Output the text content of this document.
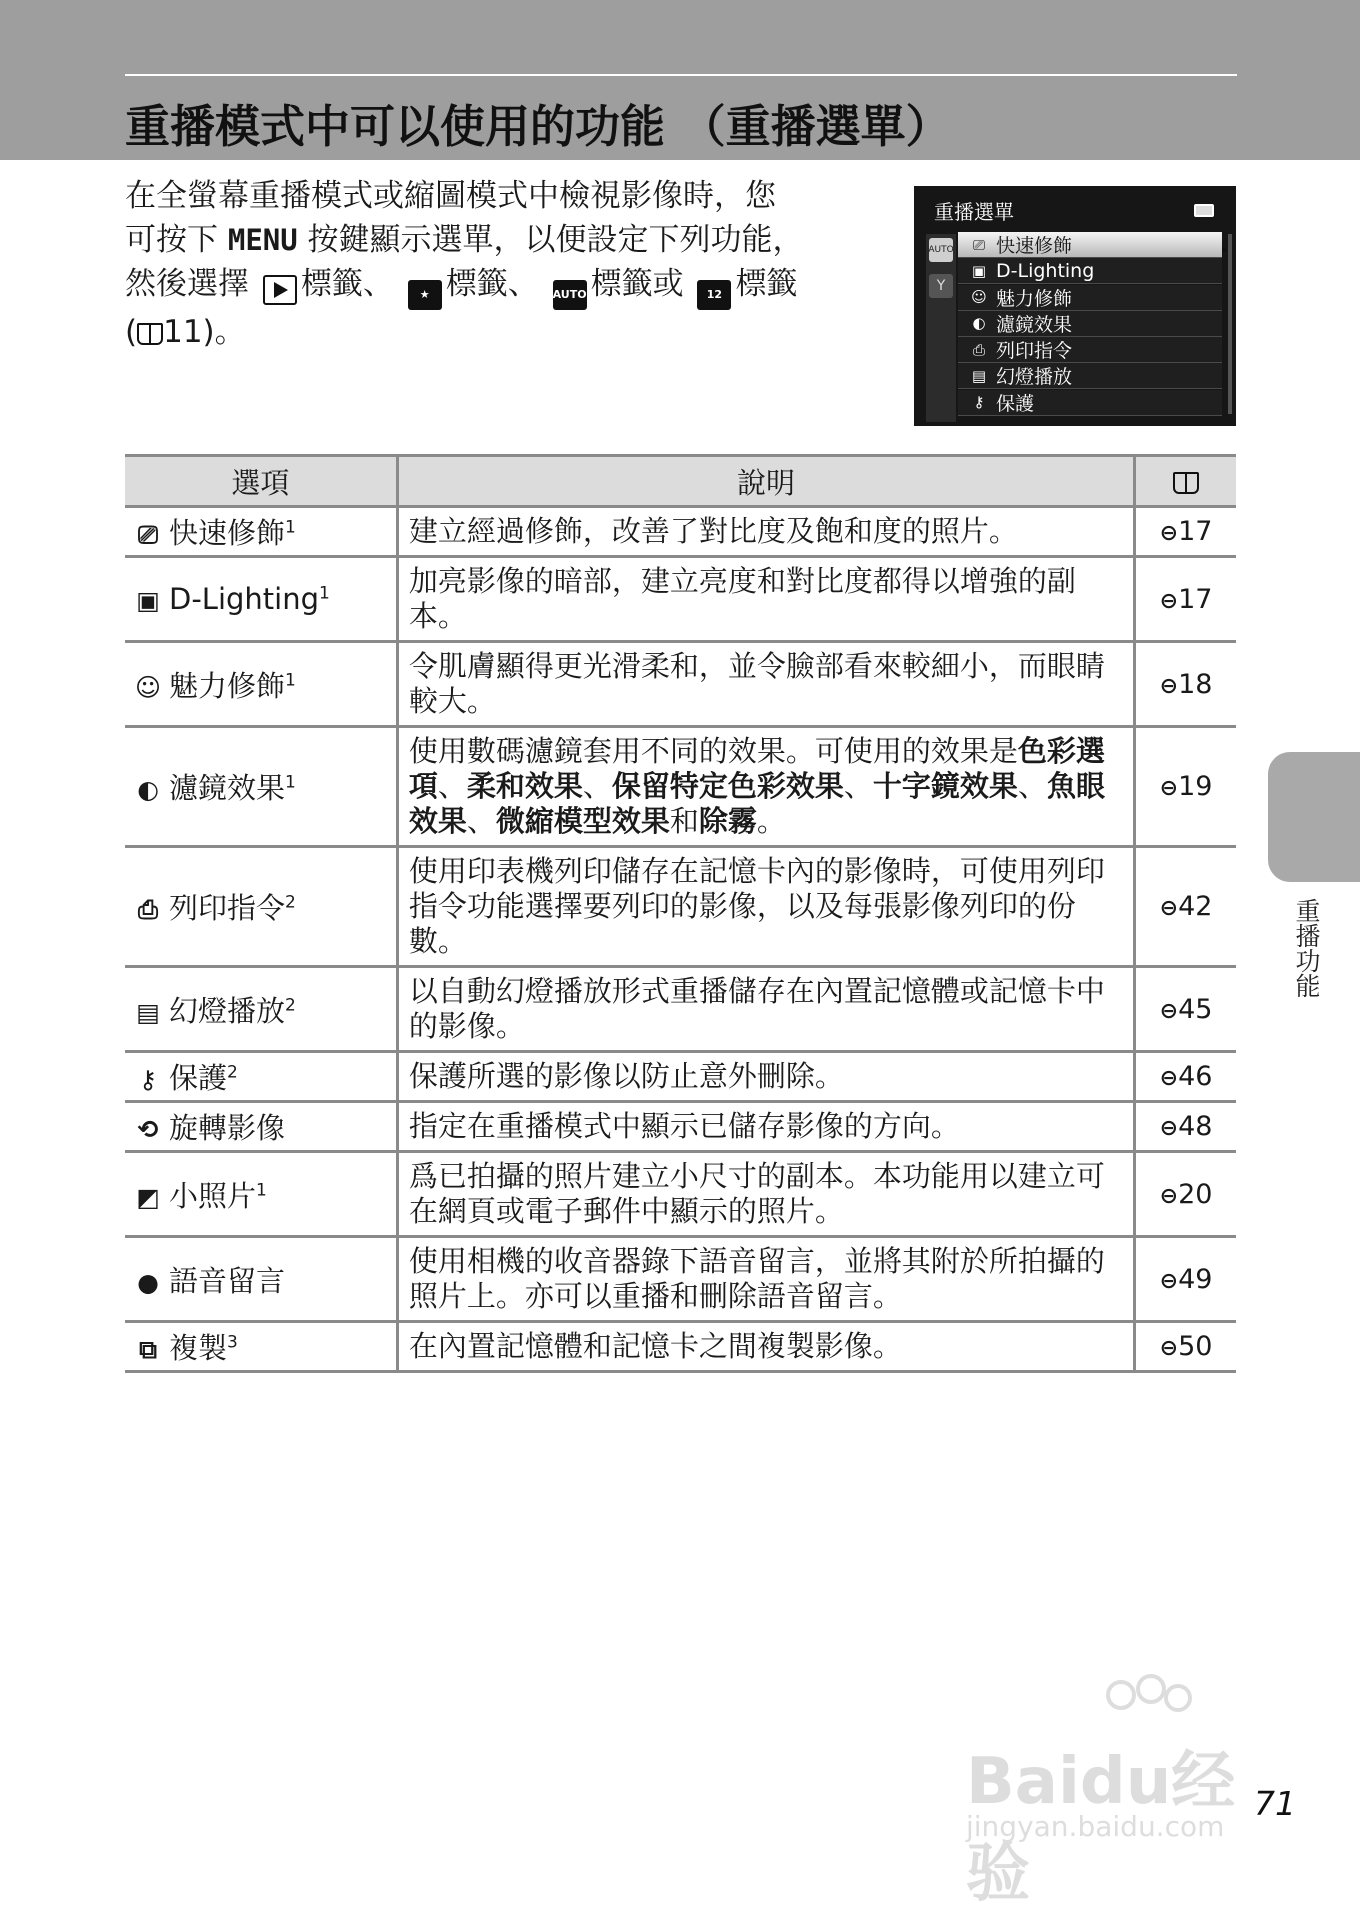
重播模式中可以使用的功能 （重播選單）
在全螢幕重播模式或縮圖模式中檢視影像時，您
可按下 MENU 按鍵顯示選單，以便設定下列功能，
然後選擇 標籤、 ★ 標籤、 AUTO 標籤或 12 標籤
( 11)。
重播選單
AUTO
Y
⎚ 快速修飾
▣ D-Lighting
☺ 魅力修飾
◐ 濾鏡效果
⎙ 列印指令
▤ 幻燈播放
⚷ 保護
▸
選項	說明	
⎚ 快速修飾$^1$	建立經過修飾，改善了對比度及飽和度的照片。	⊖17
▣ D-Lighting$^1$	加亮影像的暗部，建立亮度和對比度都得以增強的副本。	⊖17
☺ 魅力修飾$^1$	令肌膚顯得更光滑柔和，並令臉部看來較細小，而眼睛較大。	⊖18
◐ 濾鏡效果$^1$	使用數碼濾鏡套用不同的效果。可使用的效果是色彩選項、柔和效果、保留特定色彩效果、十字鏡效果、魚眼效果、微縮模型效果和除霧。	⊖19
⎙ 列印指令$^2$	使用印表機列印儲存在記憶卡內的影像時，可使用列印指令功能選擇要列印的影像，以及每張影像列印的份數。	⊖42
▤ 幻燈播放$^2$	以自動幻燈播放形式重播儲存在內置記憶體或記憶卡中的影像。	⊖45
⚷ 保護$^2$	保護所選的影像以防止意外刪除。	⊖46
⟲ 旋轉影像	指定在重播模式中顯示已儲存影像的方向。	⊖48
◩ 小照片$^1$	爲已拍攝的照片建立小尺寸的副本。本功能用以建立可在網頁或電子郵件中顯示的照片。	⊖20
● 語音留言	使用相機的收音器錄下語音留言，並將其附於所拍攝的照片上。亦可以重播和刪除語音留言。	⊖49
⧉ 複製$^3$	在內置記憶體和記憶卡之間複製影像。	⊖50
重播功能
Baidu经验
jingyan.baidu.com
71
